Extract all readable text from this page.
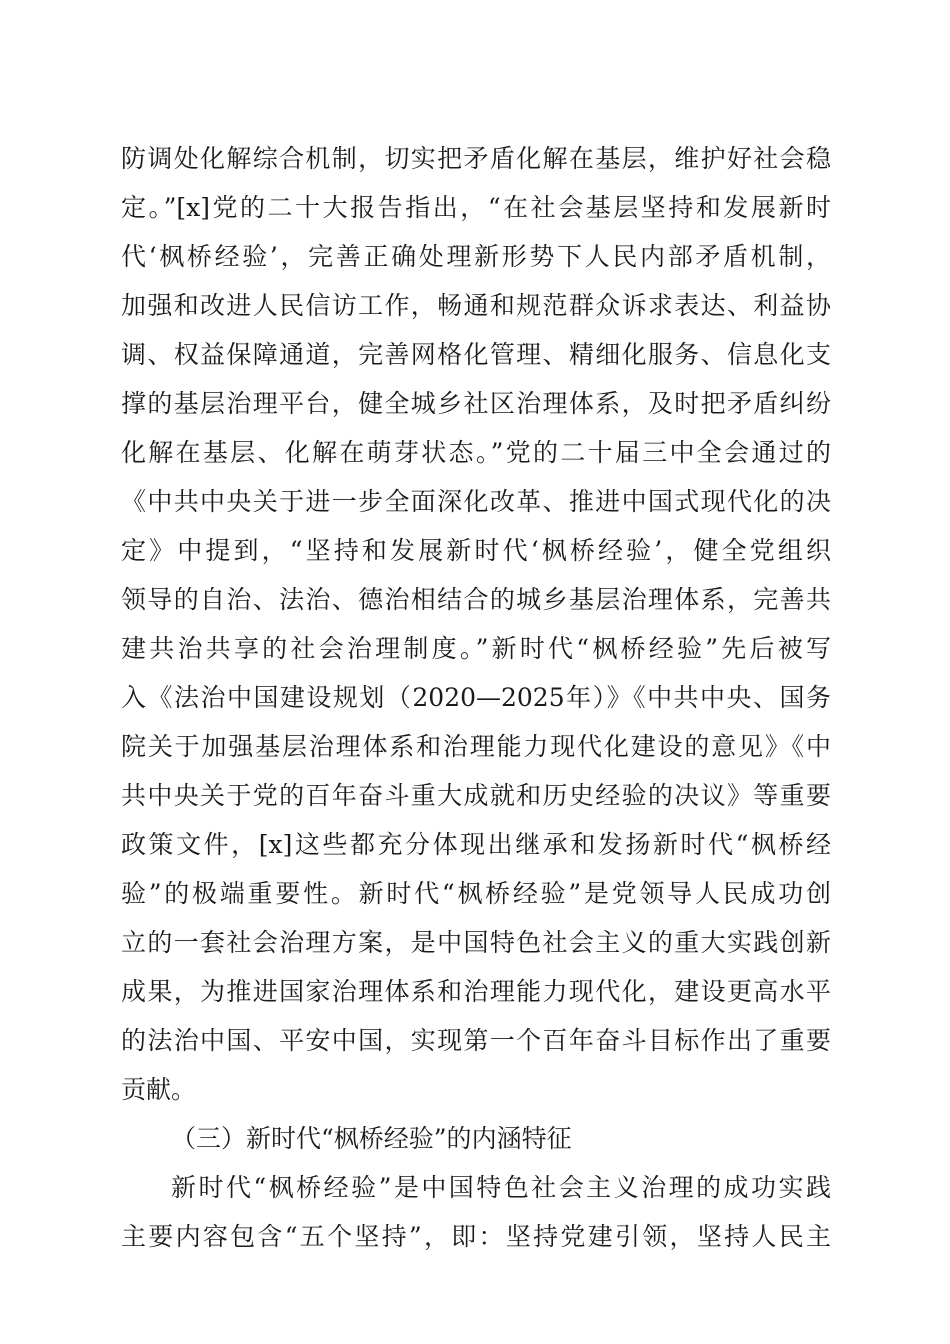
防调处化解综合机制，切实把矛盾化解在基层，维护好社会稳
定。”[x]党的二十大报告指出，“在社会基层坚持和发展新时
代‘枫桥经验’，完善正确处理新形势下人民内部矛盾机制，
加强和改进人民信访工作，畅通和规范群众诉求表达、利益协
调、权益保障通道，完善网格化管理、精细化服务、信息化支
撑的基层治理平台，健全城乡社区治理体系，及时把矛盾纠纷
化解在基层、化解在萌芽状态。”党的二十届三中全会通过的
《中共中央关于进一步全面深化改革、推进中国式现代化的决
定》中提到，“坚持和发展新时代‘枫桥经验’，健全党组织
领导的自治、法治、德治相结合的城乡基层治理体系，完善共
建共治共享的社会治理制度。”新时代“枫桥经验”先后被写
入《法治中国建设规划（2020—2025年）》《中共中央、国务
院关于加强基层治理体系和治理能力现代化建设的意见》《中
共中央关于党的百年奋斗重大成就和历史经验的决议》等重要
政策文件，[x]这些都充分体现出继承和发扬新时代“枫桥经
验”的极端重要性。新时代“枫桥经验”是党领导人民成功创
立的一套社会治理方案，是中国特色社会主义的重大实践创新
成果，为推进国家治理体系和治理能力现代化，建设更高水平
的法治中国、平安中国，实现第一个百年奋斗目标作出了重要
贡献。
（三）新时代“枫桥经验”的内涵特征
新时代“枫桥经验”是中国特色社会主义治理的成功实践
主要内容包含“五个坚持”，即：坚持党建引领，坚持人民主
